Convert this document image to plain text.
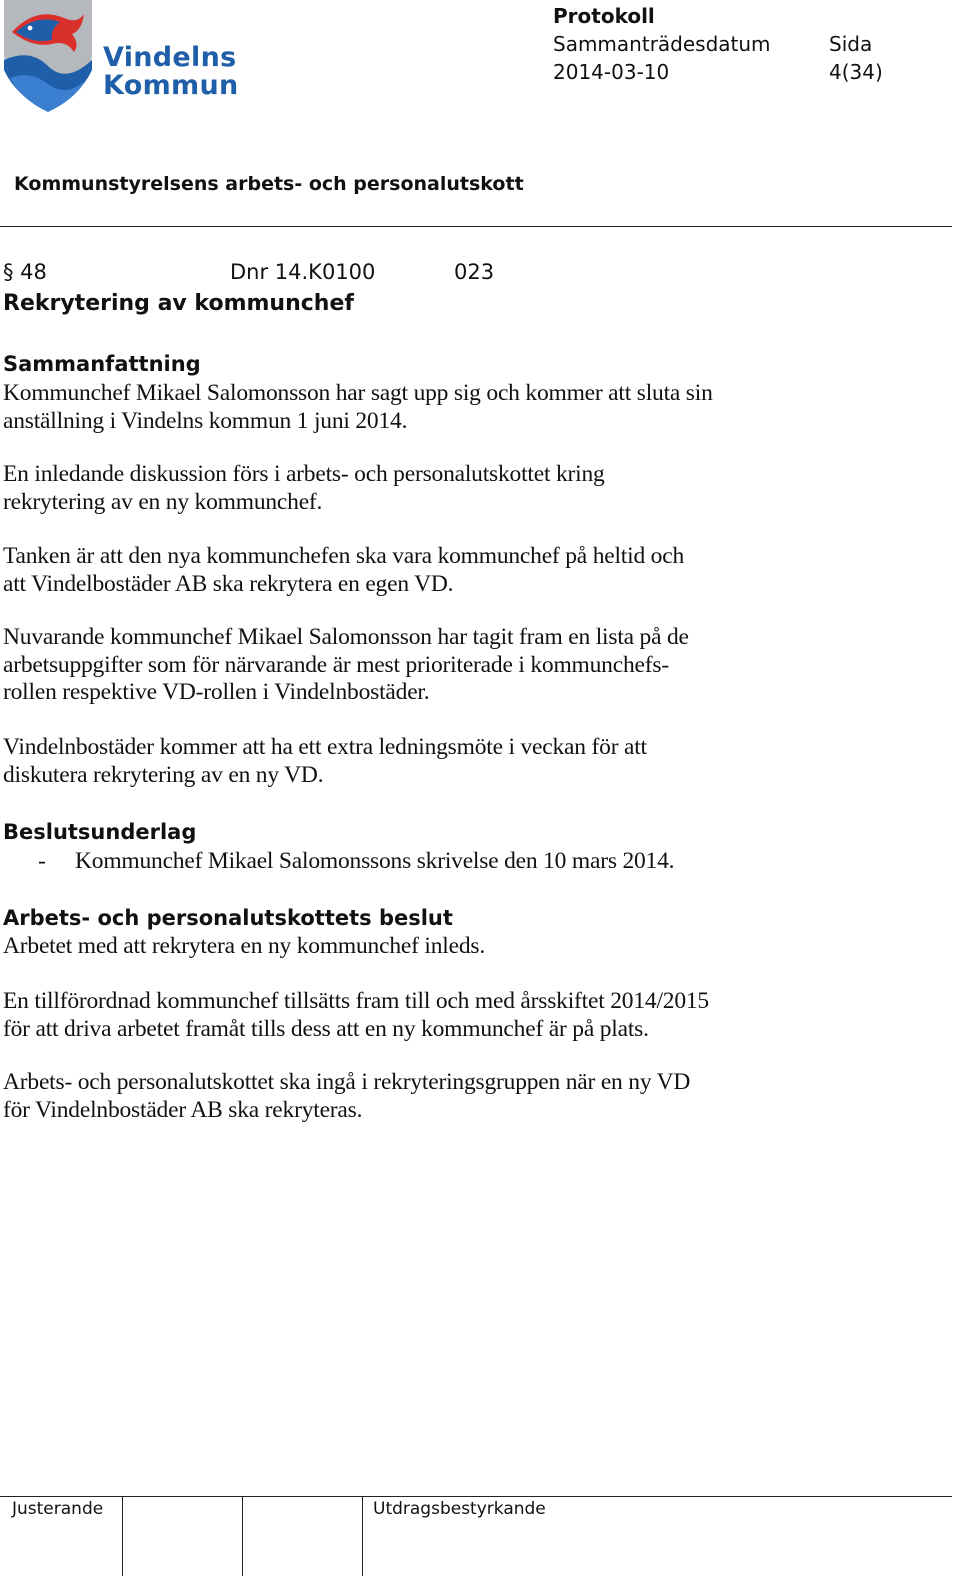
Vindelns
Kommun
Protokoll
Sammanträdesdatum
2014-03-10
Sida
4(34)
Kommunstyrelsens arbets- och personalutskott
§ 48	Dnr 14.K0100	023
Rekrytering av kommunchef
Sammanfattning
Kommunchef Mikael Salomonsson har sagt upp sig och kommer att sluta sin
anställning i Vindelns kommun 1 juni 2014.
En inledande diskussion förs i arbets- och personalutskottet kring
rekrytering av en ny kommunchef.
Tanken är att den nya kommunchefen ska vara kommunchef på heltid och
att Vindelbostäder AB ska rekrytera en egen VD.
Nuvarande kommunchef Mikael Salomonsson har tagit fram en lista på de
arbetsuppgifter som för närvarande är mest prioriterade i kommunchefs-
rollen respektive VD-rollen i Vindelnbostäder.
Vindelnbostäder kommer att ha ett extra ledningsmöte i veckan för att
diskutera rekrytering av en ny VD.
Beslutsunderlag
- Kommunchef Mikael Salomonssons skrivelse den 10 mars 2014.
Arbets- och personalutskottets beslut
Arbetet med att rekrytera en ny kommunchef inleds.
En tillförordnad kommunchef tillsätts fram till och med årsskiftet 2014/2015
för att driva arbetet framåt tills dess att en ny kommunchef är på plats.
Arbets- och personalutskottet ska ingå i rekryteringsgruppen när en ny VD
för Vindelnbostäder AB ska rekryteras.
Justerande	Utdragsbestyrkande
